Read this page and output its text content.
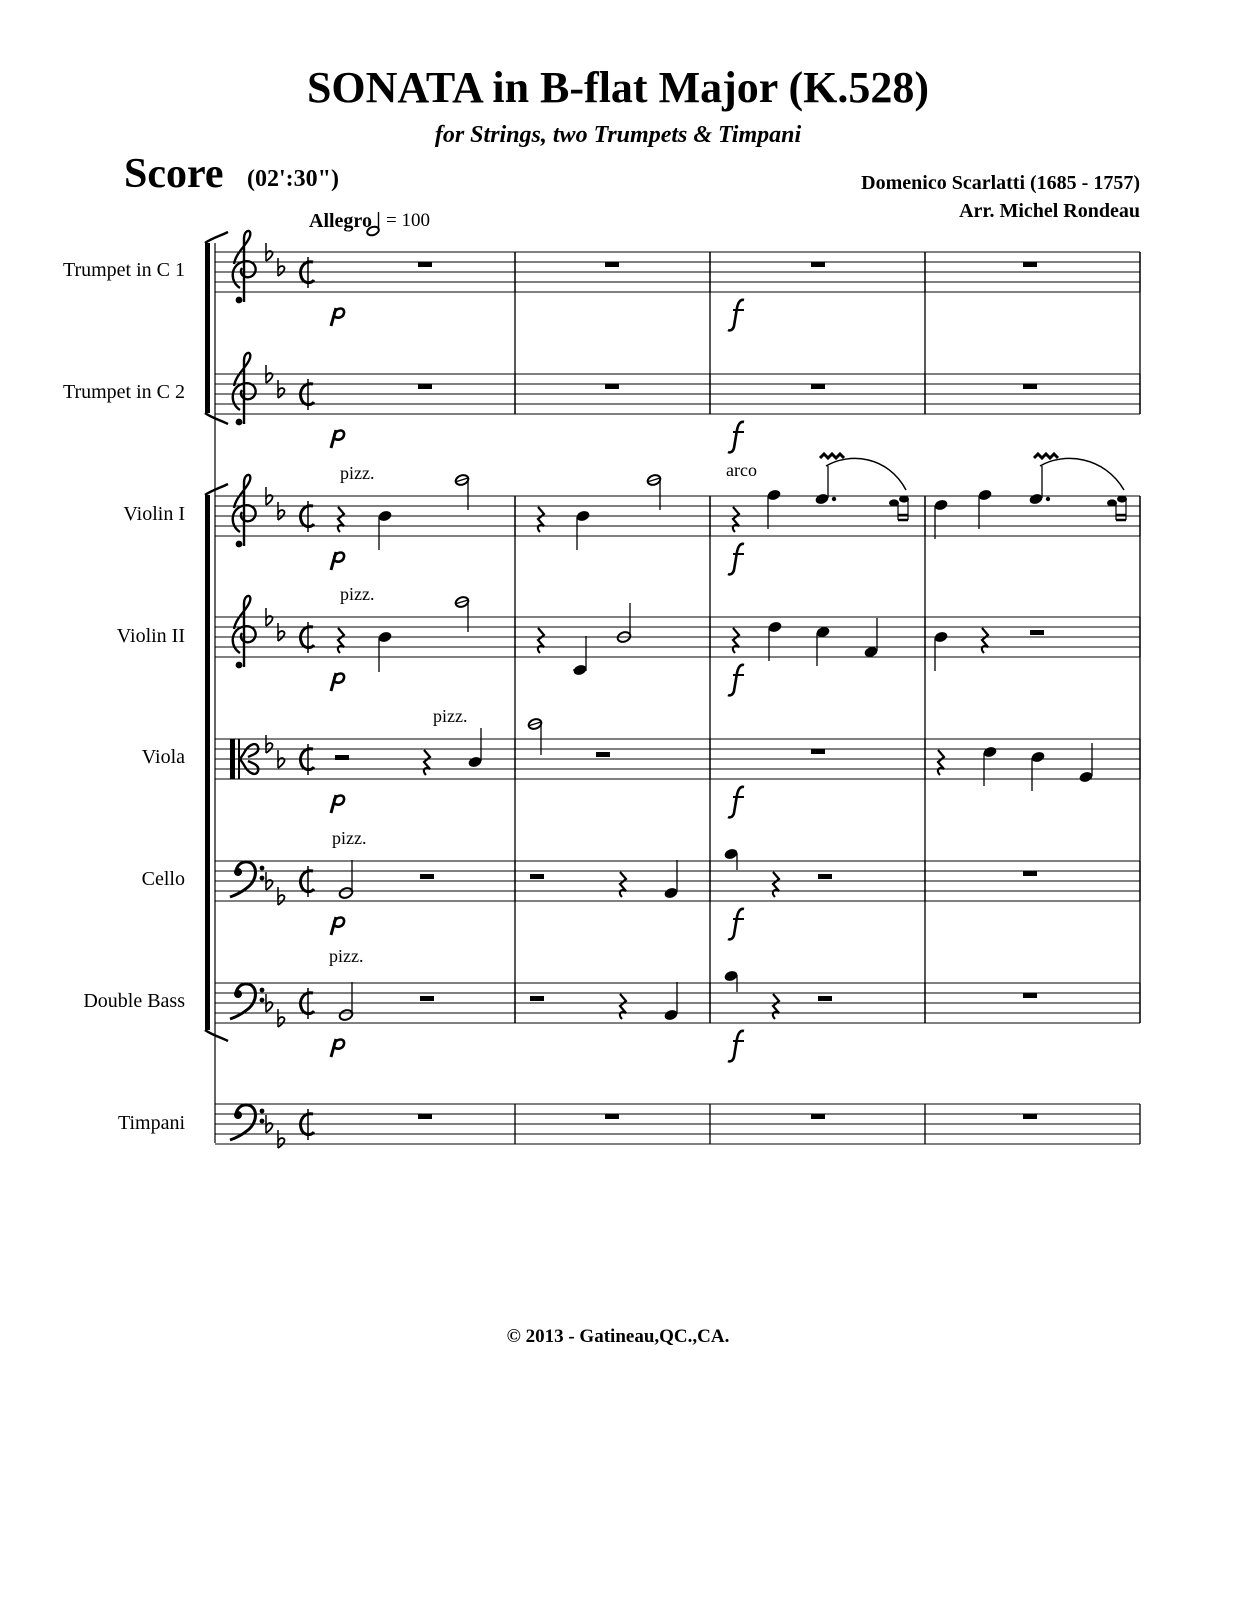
SONATA in B-flat Major (K.528)
for Strings, two Trumpets & Timpani
Score (02':30")	Domenico Scarlatti (1685 - 1757)
Arr. Michel Rondeau
Allegro = 100
Trumpet in C 1
Trumpet in C 2
Violin I
Violin II
Viola
Cello
Double Bass
Timpani
pizz.
pizz.
pizz.
pizz.
pizz.
arco
© 2013 - Gatineau,QC.,CA.
